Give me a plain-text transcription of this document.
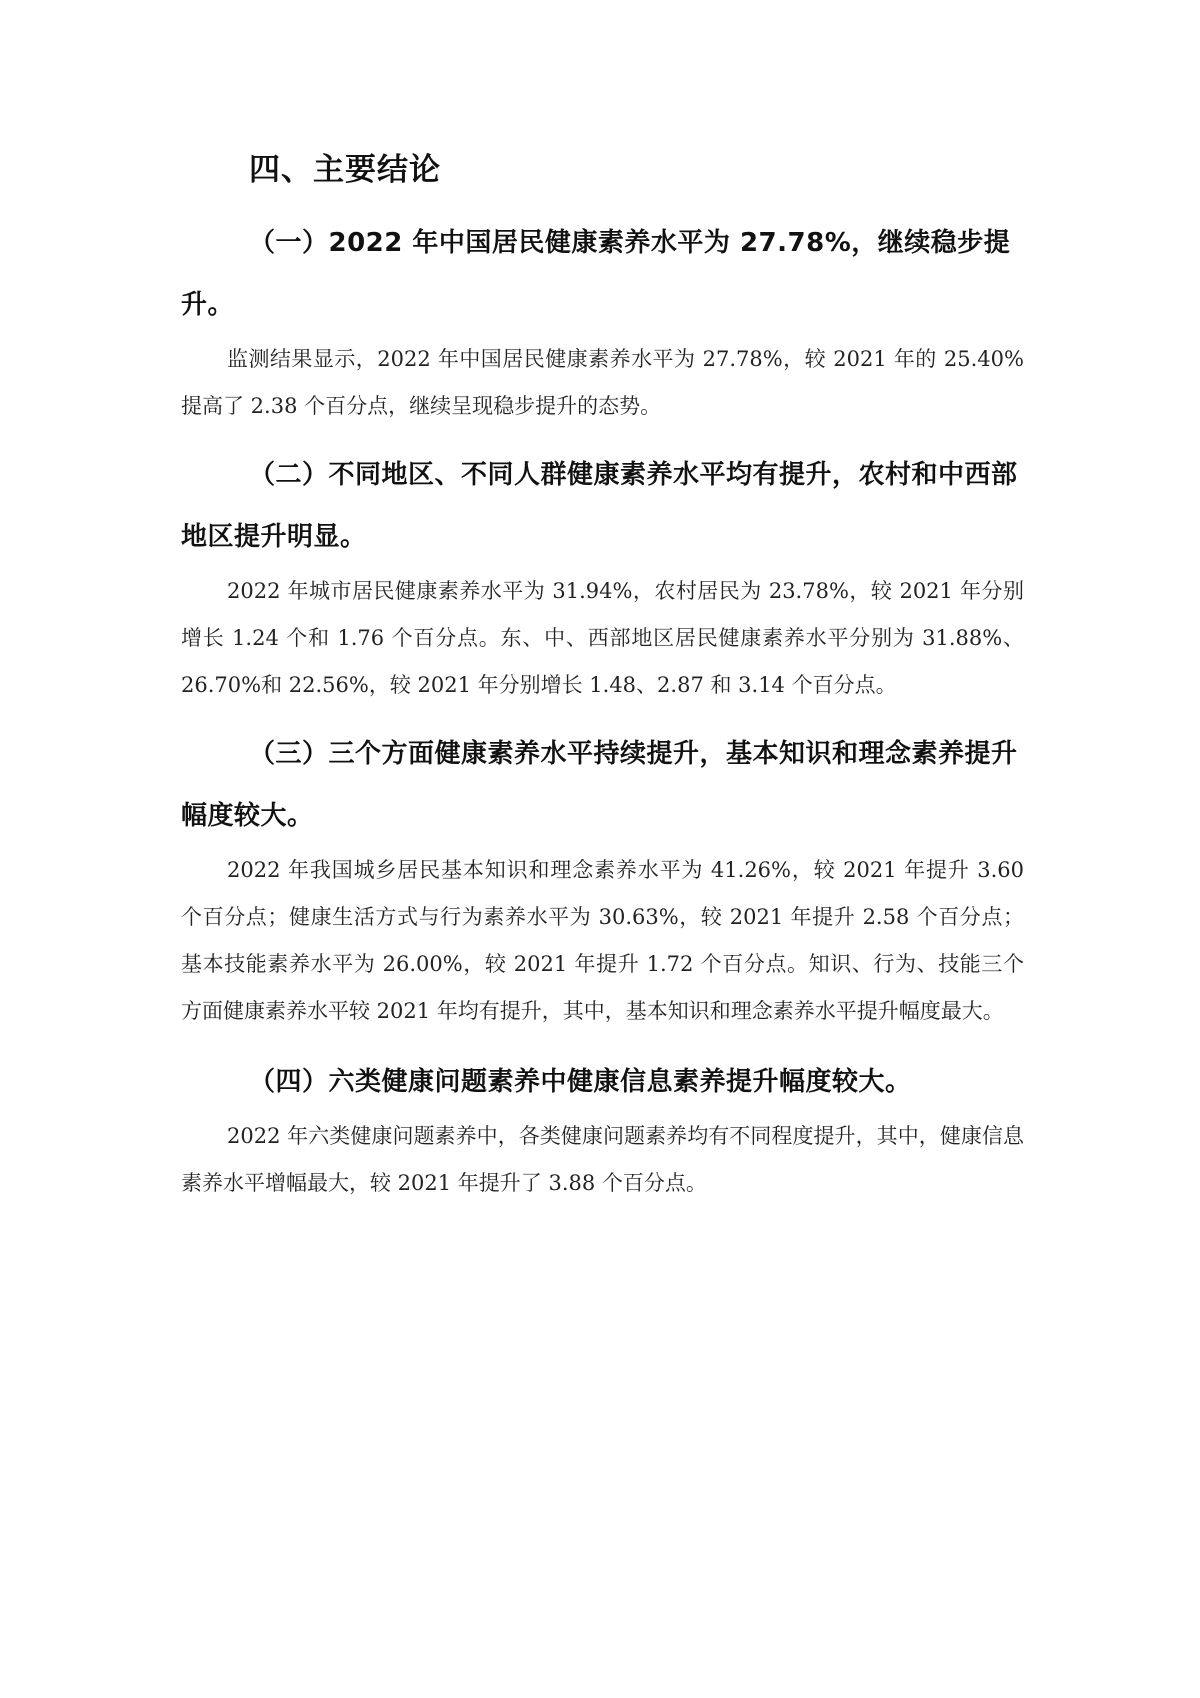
四、主要结论

（一）2022 年中国居民健康素养水平为 27.78%，继续稳步提升。

监测结果显示，2022 年中国居民健康素养水平为 27.78%，较 2021 年的 25.40%提高了 2.38 个百分点，继续呈现稳步提升的态势。

（二）不同地区、不同人群健康素养水平均有提升，农村和中西部地区提升明显。

2022 年城市居民健康素养水平为 31.94%，农村居民为 23.78%，较 2021 年分别增长 1.24 个和 1.76 个百分点。东、中、西部地区居民健康素养水平分别为 31.88%、26.70%和 22.56%，较 2021 年分别增长 1.48、2.87 和 3.14 个百分点。

（三）三个方面健康素养水平持续提升，基本知识和理念素养提升幅度较大。

2022 年我国城乡居民基本知识和理念素养水平为 41.26%，较 2021 年提升 3.60 个百分点；健康生活方式与行为素养水平为 30.63%，较 2021 年提升 2.58 个百分点；基本技能素养水平为 26.00%，较 2021 年提升 1.72 个百分点。知识、行为、技能三个方面健康素养水平较 2021 年均有提升，其中，基本知识和理念素养水平提升幅度最大。

（四）六类健康问题素养中健康信息素养提升幅度较大。

2022 年六类健康问题素养中，各类健康问题素养均有不同程度提升，其中，健康信息素养水平增幅最大，较 2021 年提升了 3.88 个百分点。
